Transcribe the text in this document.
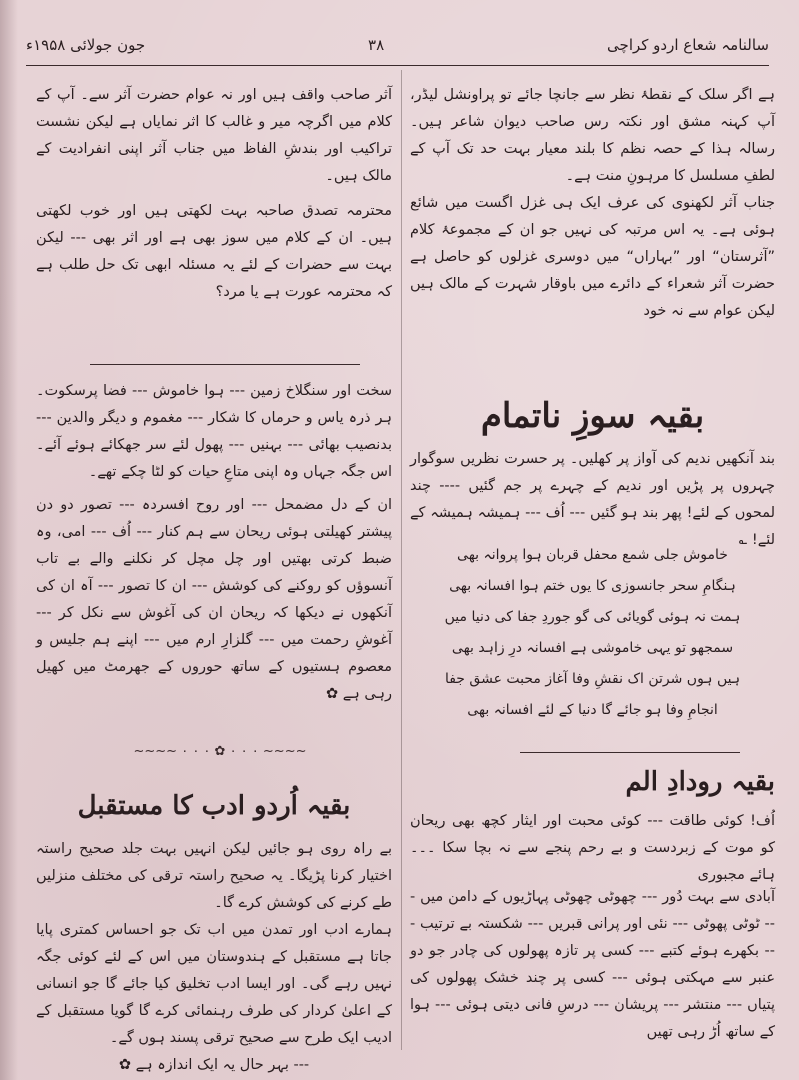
سالنامہ شعاع اردو کراچی
۳۸
جون جولائی ۱۹۵۸ء

ہے اگر سلک کے نقطۂ نظر سے جانچا جائے تو پراونشل لیڈر، آپ کہنہ مشق اور نکتہ رس صاحب دیوان شاعر ہیں۔ رسالہ ہذا کے حصہ نظم کا بلند معیار بہت حد تک آپ کے لطفِ مسلسل کا مرہونِ منت ہے۔

جناب آثر لکھنوی کی عرف ایک ہی غزل اگست میں شائع ہوئی ہے۔ یہ اس مرتبہ کی نہیں جو ان کے مجموعۂ کلام ”آثرستان“ اور ”بہاراں“ میں دوسری غزلوں کو حاصل ہے حضرت آثر شعراء کے دائرے میں باوقار شہرت کے مالک ہیں لیکن عوام سے نہ خود

بقیہ سوزِ ناتمام

بند آنکھیں ندیم کی آواز پر کھلیں۔ پر حسرت نظریں سوگوار چہروں پر پڑیں اور ندیم کے چہرے پر جم گئیں ---- چند لمحوں کے لئے! پھر بند ہو گئیں --- اُف --- ہمیشہ ہمیشہ کے لئے! ؎

خاموش جلی شمع محفل قربان ہوا پروانہ بھی

ہنگامِ سحر جانسوزی کا یوں ختم ہوا افسانہ بھی

ہمت نہ ہوئی گویائی کی گو جوردِ جفا کی دنیا میں

سمجھو تو یہی خاموشی ہے افسانہ درِ زاہد بھی

ہیں ہوں شرتن اک نقشِ وفا آغاز محبت عشق جفا

انجامِ وفا ہو جائے گا دنیا کے لئے افسانہ بھی

بقیہ رودادِ الم

اُف! کوئی طاقت --- کوئی محبت اور ایثار کچھ بھی ریحان کو موت کے زبردست و بے رحم پنجے سے نہ بچا سکا ۔۔۔ ہائے مجبوری

آبادی سے بہت دُور --- چھوٹی چھوٹی پہاڑیوں کے دامن میں --- ٹوٹی پھوٹی --- نئی اور پرانی قبریں --- شکستہ بے ترتیب --- بکھرے ہوئے کتبے --- کسی پر تازہ پھولوں کی چادر جو دو عنبر سے مہکتی ہوئی --- کسی پر چند خشک پھولوں کی پتیاں --- منتشر --- پریشان --- درسِ فانی دیتی ہوئی --- ہوا کے ساتھ اُڑ رہی تھیں

آثر صاحب واقف ہیں اور نہ عوام حضرت آثر سے۔ آپ کے کلام میں اگرچہ میر و غالب کا اثر نمایاں ہے لیکن نشست تراکیب اور بندشِ الفاظ میں جناب آثر اپنی انفرادیت کے مالک ہیں۔

محترمہ تصدق صاحبہ بہت لکھتی ہیں اور خوب لکھتی ہیں۔ ان کے کلام میں سوز بھی ہے اور اثر بھی --- لیکن بہت سے حضرات کے لئے یہ مسئلہ ابھی تک حل طلب ہے کہ محترمہ عورت ہے یا مرد؟

سخت اور سنگلاخ زمین --- ہوا خاموش --- فضا پرسکوت۔ ہر ذرہ یاس و حرماں کا شکار --- مغموم و دیگر والدین --- بدنصیب بھائی --- بہنیں --- پھول لئے سر جھکائے ہوئے آئے۔ اس جگہ جہاں وہ اپنی متاعِ حیات کو لٹا چکے تھے۔

ان کے دل مضمحل --- اور روح افسردہ --- تصور دو دن پیشتر کھیلتی ہوئی ریحان سے ہم کنار --- اُف --- امی، وہ ضبط کرتی بھتیں اور چل مچل کر نکلنے والے بے تاب آنسوؤں کو روکنے کی کوشش --- ان کا تصور --- آہ ان کی آنکھوں نے دیکھا کہ ریحان ان کی آغوش سے نکل کر --- آغوشِ رحمت میں --- گلزارِ ارم میں --- اپنے ہم جلیس و معصوم ہستیوں کے ساتھ حوروں کے جھرمٹ میں کھیل رہی ہے ✿

~~~~ ۰ ۰ ۰ ✿ ۰ ۰ ۰ ~~~~
بقیہ اُردو ادب کا مستقبل

بے راہ روی ہو جائیں لیکن انہیں بہت جلد صحیح راستہ اختیار کرنا پڑیگا۔ یہ صحیح راستہ ترقی کی مختلف منزلیں طے کرنے کی کوشش کرے گا۔

ہمارے ادب اور تمدن میں اب تک جو احساس کمتری پایا جاتا ہے مستقبل کے ہندوستان میں اس کے لئے کوئی جگہ نہیں رہے گی۔ اور ایسا ادب تخلیق کیا جائے گا جو انسانی کے اعلیٰ کردار کی طرف رہنمائی کرے گا گویا مستقبل کے ادیب ایک طرح سے صحیح ترقی پسند ہوں گے۔

--- بہر حال یہ ایک اندازہ ہے ✿
